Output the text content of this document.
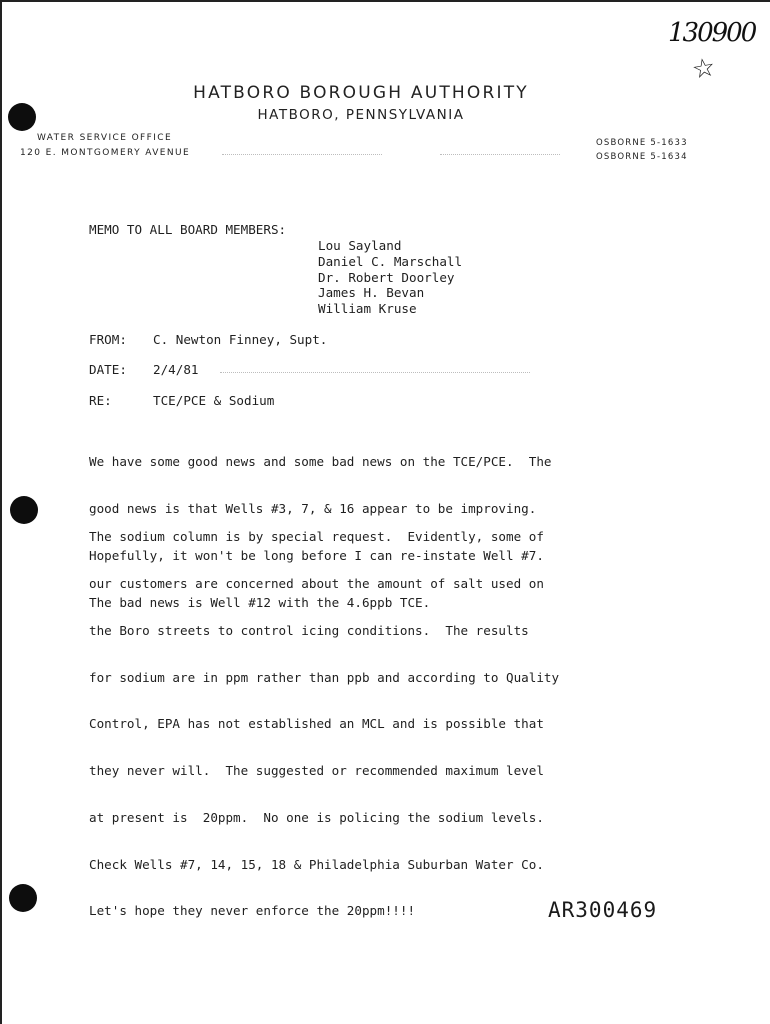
130900
☆
HATBORO BOROUGH AUTHORITY
HATBORO, PENNSYLVANIA
WATER SERVICE OFFICE
120 E. MONTGOMERY AVENUE
OSBORNE 5-1633
OSBORNE 5-1634
MEMO TO ALL BOARD MEMBERS:
Lou Sayland
Daniel C. Marschall
Dr. Robert Doorley
James H. Bevan
William Kruse
FROM: C. Newton Finney, Supt.
DATE: 2/4/81
RE:	TCE/PCE & Sodium

We have some good news and some bad news on the TCE/PCE.  The

good news is that Wells #3, 7, & 16 appear to be improving.

Hopefully, it won't be long before I can re-instate Well #7.

The bad news is Well #12 with the 4.6ppb TCE.

The sodium column is by special request.  Evidently, some of

our customers are concerned about the amount of salt used on

the Boro streets to control icing conditions.  The results

for sodium are in ppm rather than ppb and according to Quality

Control, EPA has not established an MCL and is possible that

they never will.  The suggested or recommended maximum level

at present is  20ppm.  No one is policing the sodium levels.

Check Wells #7, 14, 15, 18 & Philadelphia Suburban Water Co.

Let's hope they never enforce the 20ppm!!!!	AR300469
